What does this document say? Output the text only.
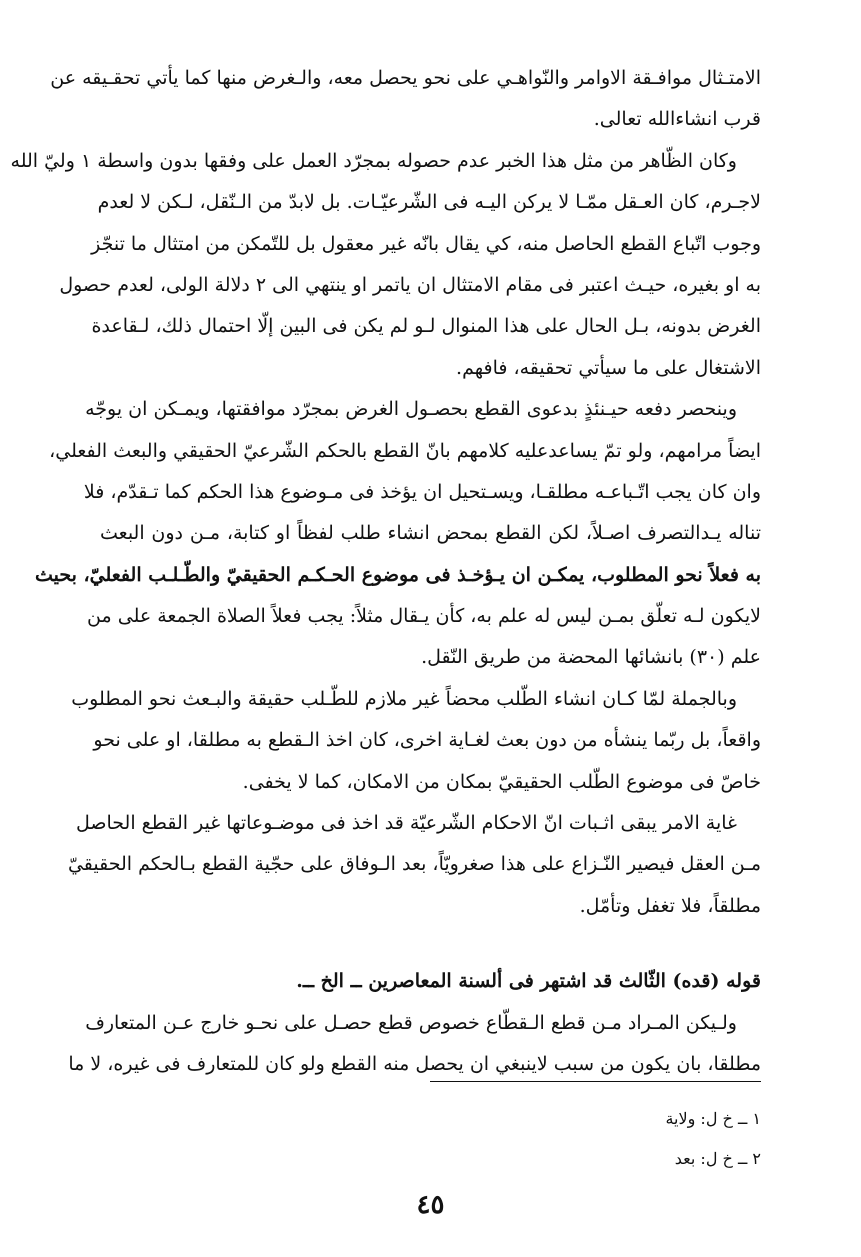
الامتـثال موافـقة الاوامر والنّواهـي على نحو يحصل معه، والـغرض منها كما يأتي تحقـيقه عن
قرب انشاءالله تعالى.
وكان الظّاهر من مثل هذا الخبر عدم حصوله بمجرّد العمل على وفقها بدون واسطة ١ وليّ الله
لاجـرم، كان العـقل ممّـا لا يركن اليـه فى الشّرعيّـات. بل لابدّ من الـنّقل، لـكن لا لعدم
وجوب اتّباع القطع الحاصل منه، كي يقال بانّه غير معقول بل للتّمكن من امتثال ما تنجّز
به او بغيره، حيـث اعتبر فى مقام الامتثال ان ياتمر او ينتهي الى ٢ دلالة الولى، لعدم حصول
الغرض بدونه، بـل الحال على هذا المنوال لـو لم يكن فى البين إلّا احتمال ذلك، لـقاعدة
الاشتغال على ما سيأتي تحقيقه، فافهم.
وينحصر دفعه حيـنئذٍ بدعوى القطع بحصـول الغرض بمجرّد موافقتها، ويمـكن ان يوجّه
ايضاً مرامهم، ولو تمّ يساعدعليه كلامهم بانّ القطع بالحكم الشّرعيّ الحقيقي والبعث الفعلي،
وان كان يجب اتّـباعـه مطلقـا، ويسـتحيل ان يؤخذ فى مـوضوع هذا الحكم كما تـقدّم، فلا
تناله يـدالتصرف اصـلاً، لكن القطع بمحض انشاء طلب لفظاً او كتابة، مـن دون البعث
به فعلاً نحو المطلوب، يمكـن ان يـؤخـذ فى موضوع الحـكـم الحقيقيّ والطّـلـب الفعليّ، بحيث
لايكون لـه تعلّق بمـن ليس له علم به، كأن يـقال مثلاً: يجب فعلاً الصلاة الجمعة على من
علم (٣٠) بانشائها المحضة من طريق النّقل.
وبالجملة لمّا كـان انشاء الطّلب محضاً غير ملازم للطّـلب حقيقة والبـعث نحو المطلوب
واقعاً، بل ربّما ينشأه من دون بعث لغـاية اخرى، كان اخذ الـقطع به مطلقا، او على نحو
خاصّ فى موضوع الطّلب الحقيقيّ بمكان من الامكان، كما لا يخفى.
غاية الامر يبقى اثـبات انّ الاحكام الشّرعيّة قد اخذ فى موضـوعاتها غير القطع الحاصل
مـن العقل فيصير النّـزاع على هذا صغرويّاً، بعد الـوفاق على حجّية القطع بـالحكم الحقيقيّ
مطلقاً، فلا تغفل وتأمّل.
قوله (قده) الثّالث قد اشتهر فى ألسنة المعاصرين ــ الخ ــ.
ولـيكن المـراد مـن قطع الـقطّاع خصوص قطع حصـل على نحـو خارج عـن المتعارف
مطلقا، بان يكون من سبب لاينبغي ان يحصل منه القطع ولو كان للمتعارف فى غيره، لا ما
١ ــ خ ل: ولاية
٢ ــ خ ل: بعد
٤٥
